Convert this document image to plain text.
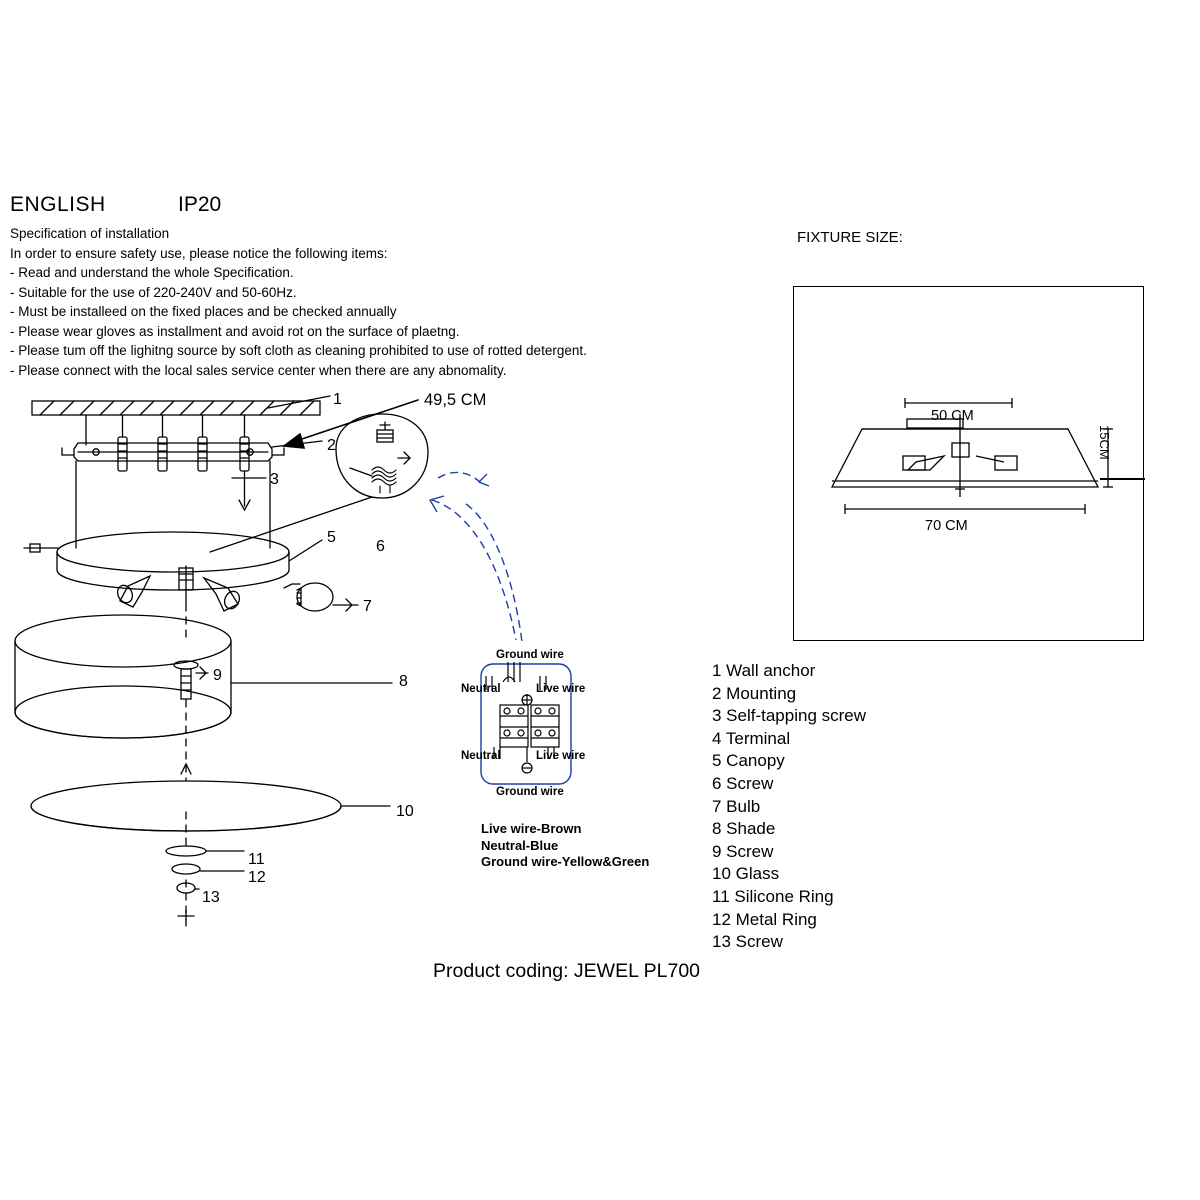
ENGLISH	IP20
Specification of installation
In order to ensure safety use, please notice the following items:
- Read and understand the whole Specification.
- Suitable for the use of 220-240V and 50-60Hz.
- Must be installeed on the fixed places and be checked annually
- Please wear gloves as installment and avoid rot on the surface of plaetng.
- Please tum off the lighitng source by soft cloth as cleaning prohibited to use of rotted detergent.
- Please connect with the local sales service center when there are any abnomality.
FIXTURE SIZE:
50 CM
70 CM
15CM
49,5 CM
1
2
3
5
6
7
8
9
10
11
12
13
Ground wire
Neutral	Live wire
Neutral	Live wire
Ground wire
Live wire-Brown
Neutral-Blue
Ground wire-Yellow&Green
1 Wall anchor
2 Mounting
3 Self-tapping screw
4 Terminal
5 Canopy
6 Screw
7 Bulb
8 Shade
9 Screw
10 Glass
11 Silicone Ring
12 Metal Ring
13 Screw
Product coding: JEWEL PL700
